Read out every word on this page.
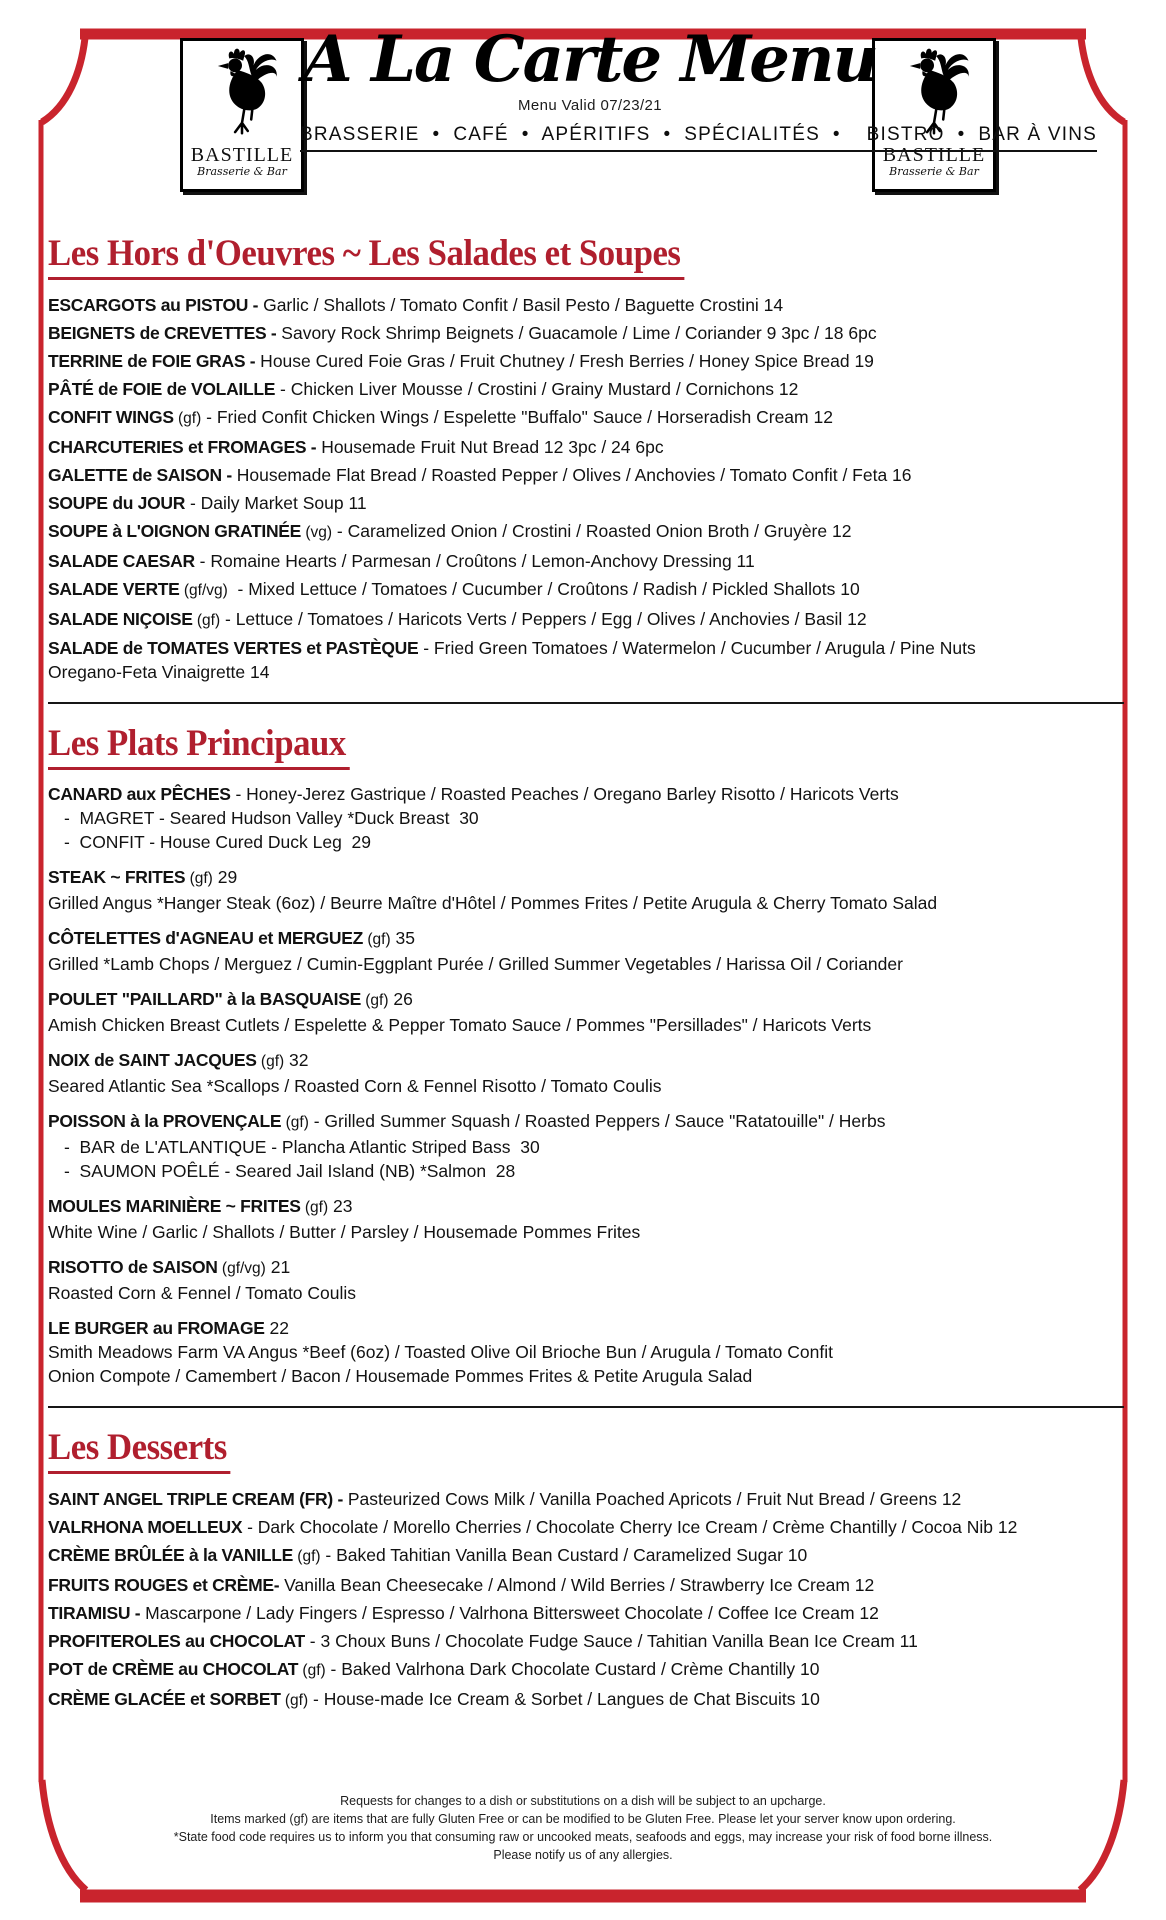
BASTILLE
Brasserie & Bar
BASTILLE
Brasserie & Bar
A La Carte Menu
Menu Valid 07/23/21
BRASSERIE  •  CAFÉ  •  APÉRITIFS  •  SPÉCIALITÉS  •    BISTRO  •  BAR À VINS
Les Hors d'Oeuvres ~ Les Salades et Soupes
ESCARGOTS au PISTOU - Garlic / Shallots / Tomato Confit / Basil Pesto / Baguette Crostini 14
BEIGNETS de CREVETTES - Savory Rock Shrimp Beignets / Guacamole / Lime / Coriander 9 3pc / 18 6pc
TERRINE de FOIE GRAS - House Cured Foie Gras / Fruit Chutney / Fresh Berries / Honey Spice Bread 19
PÂTÉ de FOIE de VOLAILLE - Chicken Liver Mousse / Crostini / Grainy Mustard / Cornichons 12
CONFIT WINGS (gf) - Fried Confit Chicken Wings / Espelette "Buffalo" Sauce / Horseradish Cream 12
CHARCUTERIES et FROMAGES - Housemade Fruit Nut Bread 12 3pc / 24 6pc
GALETTE de SAISON - Housemade Flat Bread / Roasted Pepper / Olives / Anchovies / Tomato Confit / Feta 16
SOUPE du JOUR - Daily Market Soup 11
SOUPE à L'OIGNON GRATINÉE (vg) - Caramelized Onion / Crostini / Roasted Onion Broth / Gruyère 12
SALADE CAESAR - Romaine Hearts / Parmesan / Croûtons / Lemon-Anchovy Dressing 11
SALADE VERTE (gf/vg)  - Mixed Lettuce / Tomatoes / Cucumber / Croûtons / Radish / Pickled Shallots 10
SALADE NIÇOISE (gf) - Lettuce / Tomatoes / Haricots Verts / Peppers / Egg / Olives / Anchovies / Basil 12
SALADE de TOMATES VERTES et PASTÈQUE - Fried Green Tomatoes / Watermelon / Cucumber / Arugula / Pine Nuts
Oregano-Feta Vinaigrette 14
Les Plats Principaux
CANARD aux PÊCHES - Honey-Jerez Gastrique / Roasted Peaches / Oregano Barley Risotto / Haricots Verts
-  MAGRET - Seared Hudson Valley *Duck Breast  30
-  CONFIT - House Cured Duck Leg  29
STEAK ~ FRITES (gf) 29
Grilled Angus *Hanger Steak (6oz) / Beurre Maître d'Hôtel / Pommes Frites / Petite Arugula & Cherry Tomato Salad
CÔTELETTES d'AGNEAU et MERGUEZ (gf) 35
Grilled *Lamb Chops / Merguez / Cumin-Eggplant Purée / Grilled Summer Vegetables / Harissa Oil / Coriander
POULET "PAILLARD" à la BASQUAISE (gf) 26
Amish Chicken Breast Cutlets / Espelette & Pepper Tomato Sauce / Pommes "Persillades" / Haricots Verts
NOIX de SAINT JACQUES (gf) 32
Seared Atlantic Sea *Scallops / Roasted Corn & Fennel Risotto / Tomato Coulis
POISSON à la PROVENÇALE (gf) - Grilled Summer Squash / Roasted Peppers / Sauce "Ratatouille" / Herbs
-  BAR de L'ATLANTIQUE - Plancha Atlantic Striped Bass  30
-  SAUMON POÊLÉ - Seared Jail Island (NB) *Salmon  28
MOULES MARINIÈRE ~ FRITES (gf) 23
White Wine / Garlic / Shallots / Butter / Parsley / Housemade Pommes Frites
RISOTTO de SAISON (gf/vg) 21
Roasted Corn & Fennel / Tomato Coulis
LE BURGER au FROMAGE 22
Smith Meadows Farm VA Angus *Beef (6oz) / Toasted Olive Oil Brioche Bun / Arugula / Tomato Confit
Onion Compote / Camembert / Bacon / Housemade Pommes Frites & Petite Arugula Salad
Les Desserts
SAINT ANGEL TRIPLE CREAM (FR) - Pasteurized Cows Milk / Vanilla Poached Apricots / Fruit Nut Bread / Greens 12
VALRHONA MOELLEUX - Dark Chocolate / Morello Cherries / Chocolate Cherry Ice Cream / Crème Chantilly / Cocoa Nib 12
CRÈME BRÛLÉE à la VANILLE (gf) - Baked Tahitian Vanilla Bean Custard / Caramelized Sugar 10
FRUITS ROUGES et CRÈME- Vanilla Bean Cheesecake / Almond / Wild Berries / Strawberry Ice Cream 12
TIRAMISU - Mascarpone / Lady Fingers / Espresso / Valrhona Bittersweet Chocolate / Coffee Ice Cream 12
PROFITEROLES au CHOCOLAT - 3 Choux Buns / Chocolate Fudge Sauce / Tahitian Vanilla Bean Ice Cream 11
POT de CRÈME au CHOCOLAT (gf) - Baked Valrhona Dark Chocolate Custard / Crème Chantilly 10
CRÈME GLACÉE et SORBET (gf) - House-made Ice Cream & Sorbet / Langues de Chat Biscuits 10
Requests for changes to a dish or substitutions on a dish will be subject to an upcharge.
Items marked (gf) are items that are fully Gluten Free or can be modified to be Gluten Free. Please let your server know upon ordering.
*State food code requires us to inform you that consuming raw or uncooked meats, seafoods and eggs, may increase your risk of food borne illness.
Please notify us of any allergies.
